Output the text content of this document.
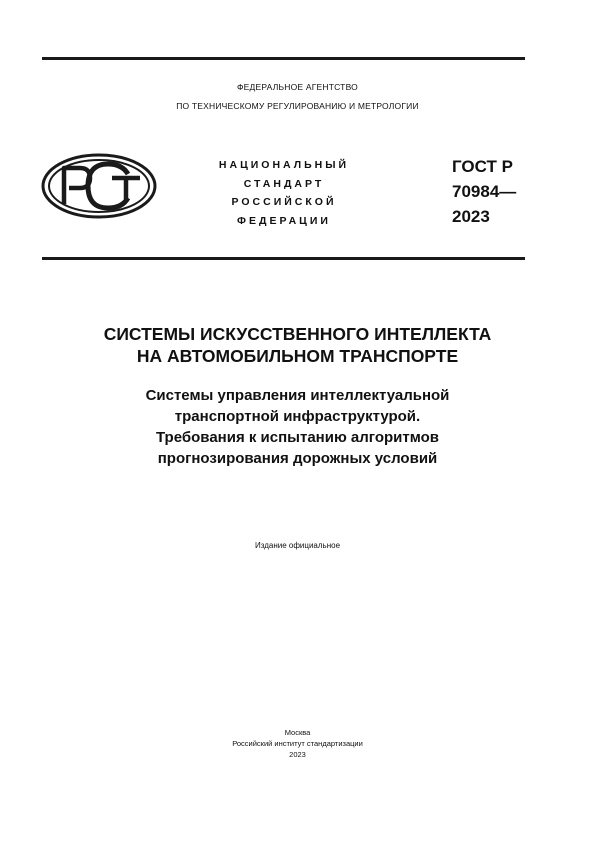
ФЕДЕРАЛЬНОЕ АГЕНТСТВО
ПО ТЕХНИЧЕСКОМУ РЕГУЛИРОВАНИЮ И МЕТРОЛОГИИ
НАЦИОНАЛЬНЫЙ
СТАНДАРТ
РОССИЙСКОЙ
ФЕДЕРАЦИИ
ГОСТ Р
70984—
2023
СИСТЕМЫ ИСКУССТВЕННОГО ИНТЕЛЛЕКТА
НА АВТОМОБИЛЬНОМ ТРАНСПОРТЕ
Системы управления интеллектуальной
транспортной инфраструктурой.
Требования к испытанию алгоритмов
прогнозирования дорожных условий
Издание официальное
Москва
Российский институт стандартизации
2023
